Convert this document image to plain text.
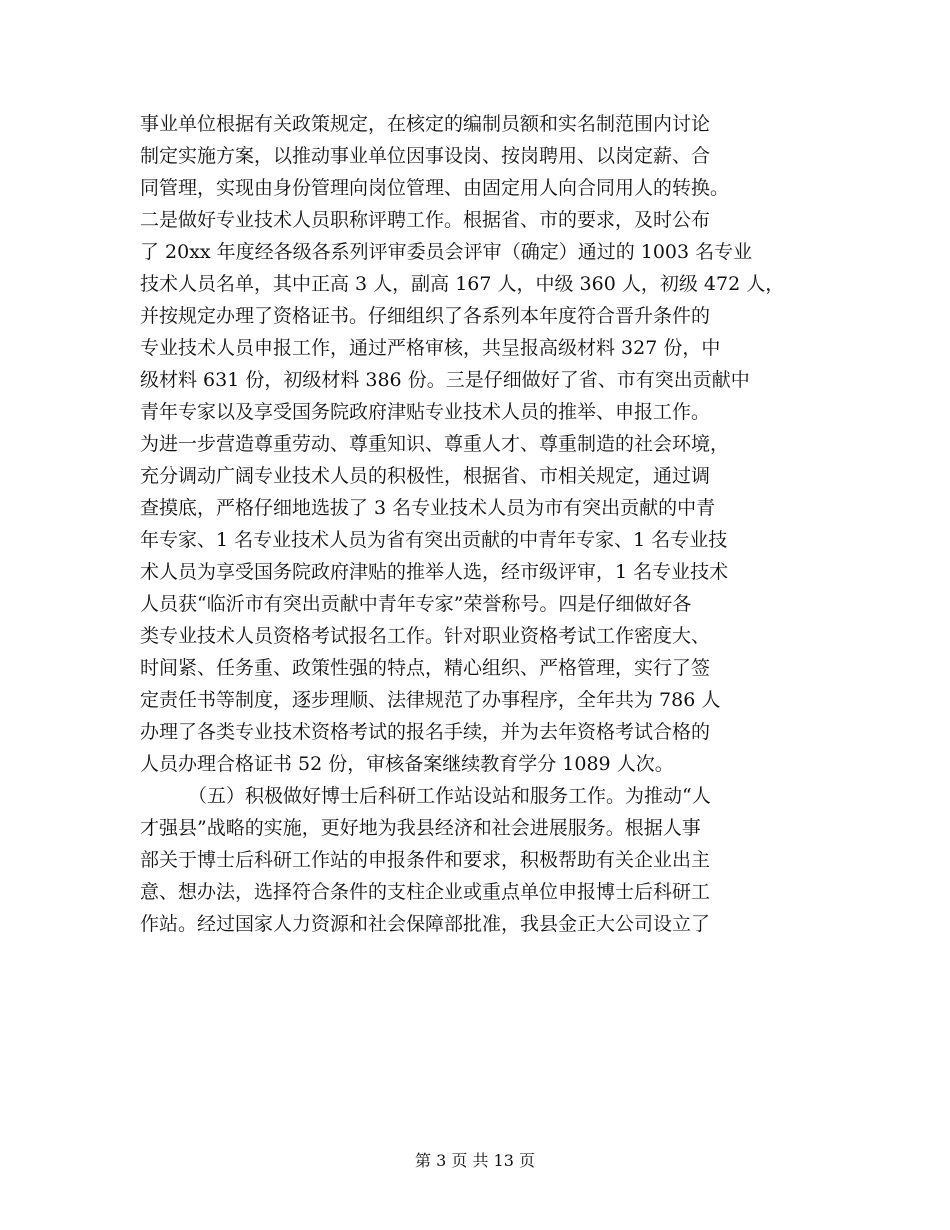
事业单位根据有关政策规定，在核定的编制员额和实名制范围内讨论
制定实施方案，以推动事业单位因事设岗、按岗聘用、以岗定薪、合
同管理，实现由身份管理向岗位管理、由固定用人向合同用人的转换。
二是做好专业技术人员职称评聘工作。根据省、市的要求，及时公布
了 20xx 年度经各级各系列评审委员会评审（确定）通过的 1003 名专业
技术人员名单，其中正高 3 人，副高 167 人，中级 360 人，初级 472 人，
并按规定办理了资格证书。仔细组织了各系列本年度符合晋升条件的
专业技术人员申报工作，通过严格审核，共呈报高级材料 327 份，中
级材料 631 份，初级材料 386 份。三是仔细做好了省、市有突出贡献中
青年专家以及享受国务院政府津贴专业技术人员的推举、申报工作。
为进一步营造尊重劳动、尊重知识、尊重人才、尊重制造的社会环境，
充分调动广阔专业技术人员的积极性，根据省、市相关规定，通过调
查摸底，严格仔细地选拔了 3 名专业技术人员为市有突出贡献的中青
年专家、1 名专业技术人员为省有突出贡献的中青年专家、1 名专业技
术人员为享受国务院政府津贴的推举人选，经市级评审，1 名专业技术
人员获“临沂市有突出贡献中青年专家”荣誉称号。四是仔细做好各
类专业技术人员资格考试报名工作。针对职业资格考试工作密度大、
时间紧、任务重、政策性强的特点，精心组织、严格管理，实行了签
定责任书等制度，逐步理顺、法律规范了办事程序，全年共为 786 人
办理了各类专业技术资格考试的报名手续，并为去年资格考试合格的
人员办理合格证书 52 份，审核备案继续教育学分 1089 人次。
（五）积极做好博士后科研工作站设站和服务工作。为推动“人
才强县”战略的实施，更好地为我县经济和社会进展服务。根据人事
部关于博士后科研工作站的申报条件和要求，积极帮助有关企业出主
意、想办法，选择符合条件的支柱企业或重点单位申报博士后科研工
作站。经过国家人力资源和社会保障部批准，我县金正大公司设立了
第 3 页 共 13 页
